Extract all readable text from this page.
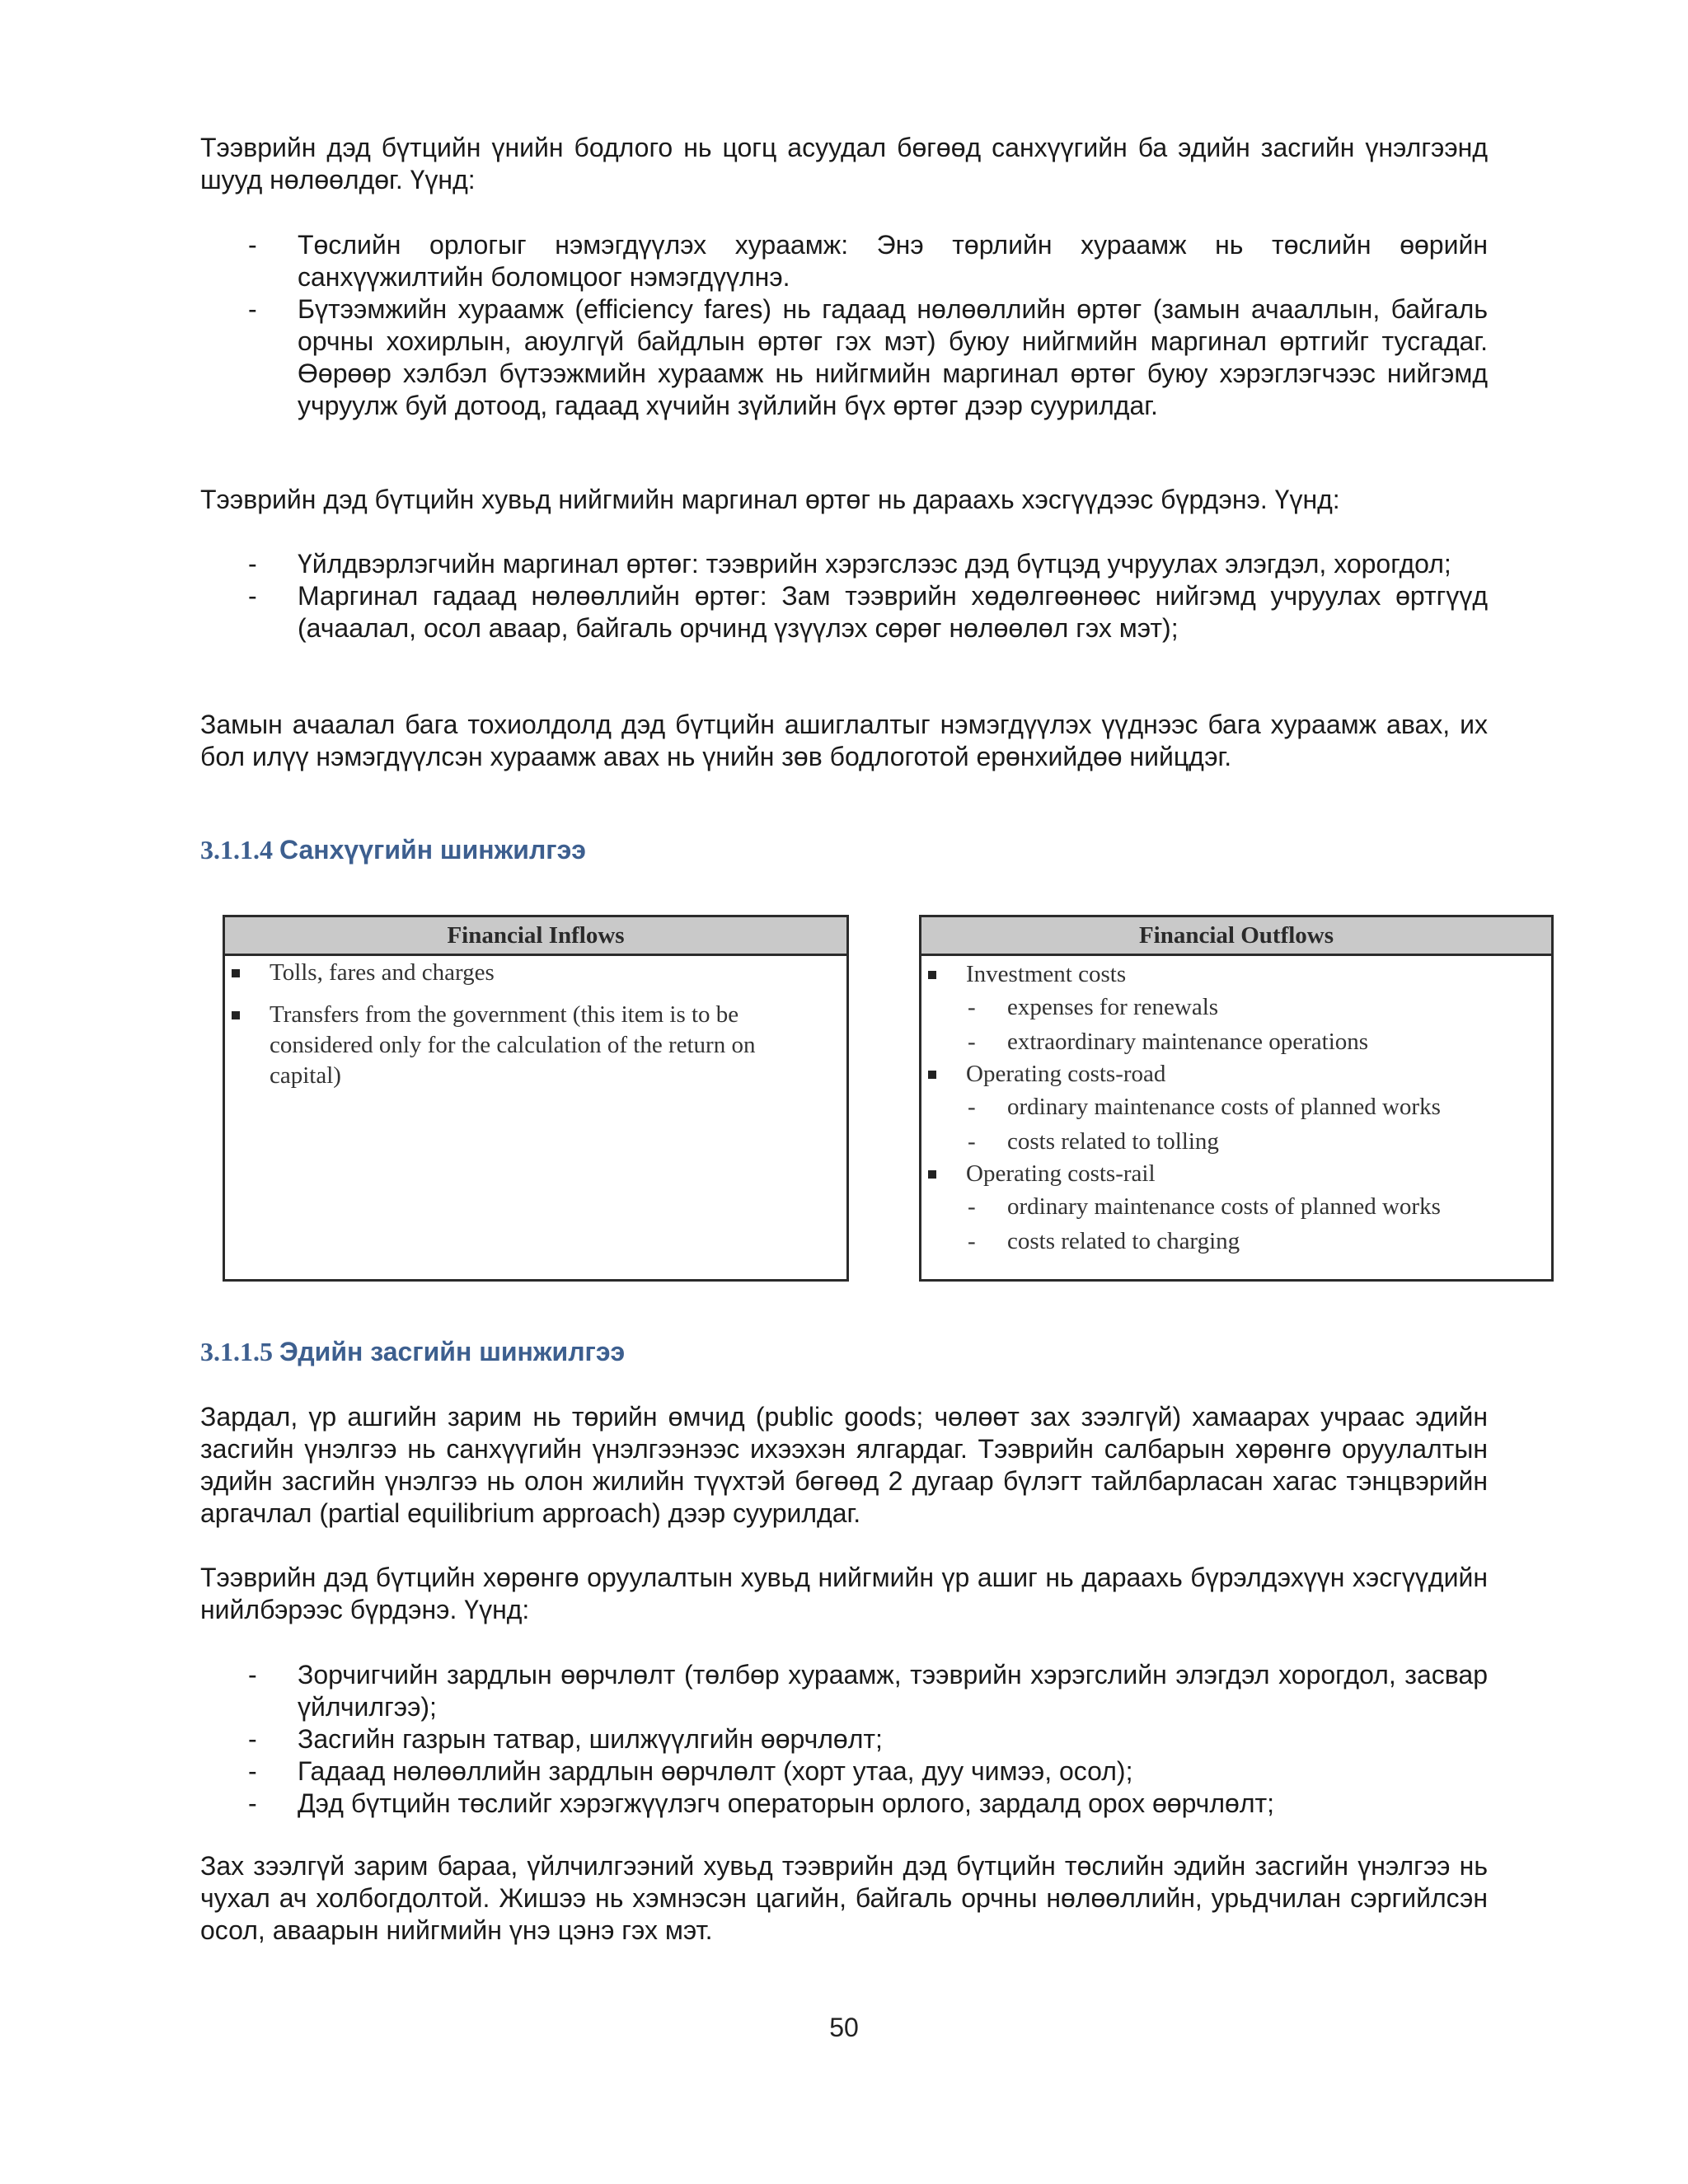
Тээврийн дэд бүтцийн үнийн бодлого нь цогц асуудал бөгөөд санхүүгийн ба эдийн засгийн үнэлгээнд шууд нөлөөлдөг. Үүнд:

- Төслийн орлогыг нэмэгдүүлэх хураамж: Энэ төрлийн хураамж нь төслийн өөрийн санхүүжилтийн боломцоог нэмэгдүүлнэ.
- Бүтээмжийн хураамж (efficiency fares) нь гадаад нөлөөллийн өртөг (замын ачааллын, байгаль орчны хохирлын, аюулгүй байдлын өртөг гэх мэт) буюу нийгмийн маргинал өртгийг тусгадаг. Өөрөөр хэлбэл бүтээжмийн хураамж нь нийгмийн маргинал өртөг буюу хэрэглэгчээс нийгэмд учруулж буй дотоод, гадаад хүчийн зүйлийн бүх өртөг дээр суурилдаг.

Тээврийн дэд бүтцийн хувьд нийгмийн маргинал өртөг нь дараахь хэсгүүдээс бүрдэнэ. Үүнд:

- Үйлдвэрлэгчийн маргинал өртөг: тээврийн хэрэгслээс дэд бүтцэд учруулах элэгдэл, хорогдол;
- Маргинал гадаад нөлөөллийн өртөг: Зам тээврийн хөдөлгөөнөөс нийгэмд учруулах өртгүүд (ачаалал, осол аваар, байгаль орчинд үзүүлэх сөрөг нөлөөлөл гэх мэт);

Замын ачаалал бага тохиолдолд дэд бүтцийн ашиглалтыг нэмэгдүүлэх үүднээс бага хураамж авах, их бол илүү нэмэгдүүлсэн хураамж авах нь үнийн зөв бодлоготой ерөнхийдөө нийцдэг.

3.1.1.4 Санхүүгийн шинжилгээ
3.1.1.5 Эдийн засгийн шинжилгээ

Зардал, үр ашгийн зарим нь төрийн өмчид (public goods; чөлөөт зах зээлгүй) хамаарах учраас эдийн засгийн үнэлгээ нь санхүүгийн үнэлгээнээс ихээхэн ялгардаг. Тээврийн салбарын хөрөнгө оруулалтын эдийн засгийн үнэлгээ нь олон жилийн түүхтэй бөгөөд 2 дугаар бүлэгт тайлбарласан хагас тэнцвэрийн аргачлал (partial equilibrium approach) дээр суурилдаг.

Тээврийн дэд бүтцийн хөрөнгө оруулалтын хувьд нийгмийн үр ашиг нь дараахь бүрэлдэхүүн хэсгүүдийн нийлбэрээс бүрдэнэ. Үүнд:

- Зорчигчийн зардлын өөрчлөлт (төлбөр хураамж, тээврийн хэрэгслийн элэгдэл хорогдол, засвар үйлчилгээ);
- Засгийн газрын татвар, шилжүүлгийн өөрчлөлт;
- Гадаад нөлөөллийн зардлын өөрчлөлт (хорт утаа, дуу чимээ, осол);
- Дэд бүтцийн төслийг хэрэгжүүлэгч операторын орлого, зардалд орох өөрчлөлт;

Зах зээлгүй зарим бараа, үйлчилгээний хувьд тээврийн дэд бүтцийн төслийн эдийн засгийн үнэлгээ нь чухал ач холбогдолтой. Жишээ нь хэмнэсэн цагийн, байгаль орчны нөлөөллийн, урьдчилан сэргийлсэн осол, авaарын нийгмийн үнэ цэнэ гэх мэт.

Financial Inflows
Tolls, fares and charges
Transfers from the government (this item is to be considered only for the calculation of the return on capital)
Financial Outflows
Investment costs
- expenses for renewals
- extraordinary maintenance operations
Operating costs-road
- ordinary maintenance costs of planned works
- costs related to tolling
Operating costs-rail
- ordinary maintenance costs of planned works
- costs related to charging
50
